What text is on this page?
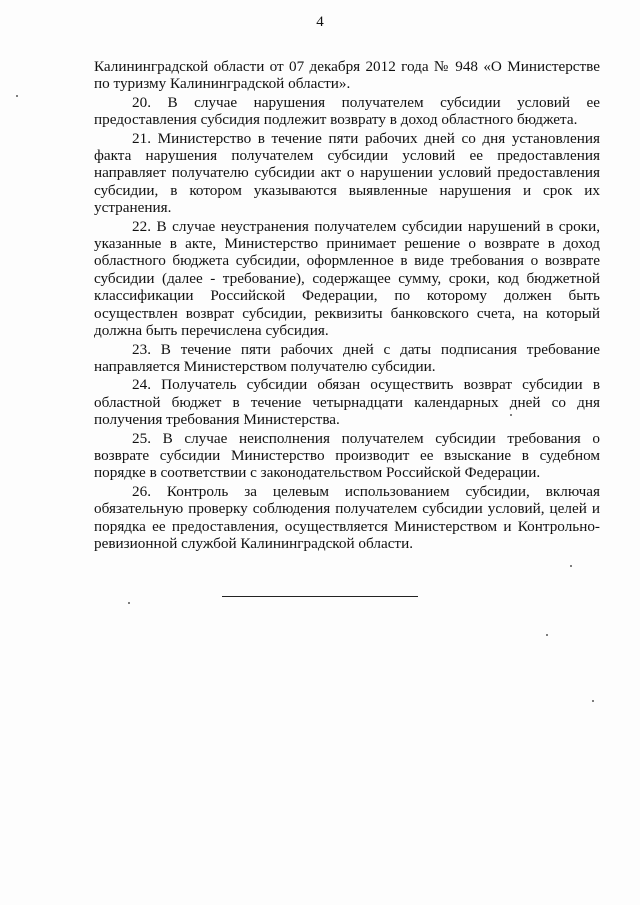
4

Калининградской области от 07 декабря 2012 года № 948 «О Министерстве по туризму Калининградской области».

20. В случае нарушения получателем субсидии условий ее предоставления субсидия подлежит возврату в доход областного бюджета.

21. Министерство в течение пяти рабочих дней со дня установления факта нарушения получателем субсидии условий ее предоставления направляет получателю субсидии акт о нарушении условий предоставления субсидии, в котором указываются выявленные нарушения и срок их устранения.

22. В случае неустранения получателем субсидии нарушений в сроки, указанные в акте, Министерство принимает решение о возврате в доход областного бюджета субсидии, оформленное в виде требования о возврате субсидии (далее - требование), содержащее сумму, сроки, код бюджетной классификации Российской Федерации, по которому должен быть осуществлен возврат субсидии, реквизиты банковского счета, на который должна быть перечислена субсидия.

23. В течение пяти рабочих дней с даты подписания требование направляется Министерством получателю субсидии.

24. Получатель субсидии обязан осуществить возврат субсидии в областной бюджет в течение четырнадцати календарных дней со дня получения требования Министерства.

25. В случае неисполнения получателем субсидии требования о возврате субсидии Министерство производит ее взыскание в судебном порядке в соответствии с законодательством Российской Федерации.

26. Контроль за целевым использованием субсидии, включая обязательную проверку соблюдения получателем субсидии условий, целей и порядка ее предоставления, осуществляется Министерством и Контрольно-ревизионной службой Калининградской области.
